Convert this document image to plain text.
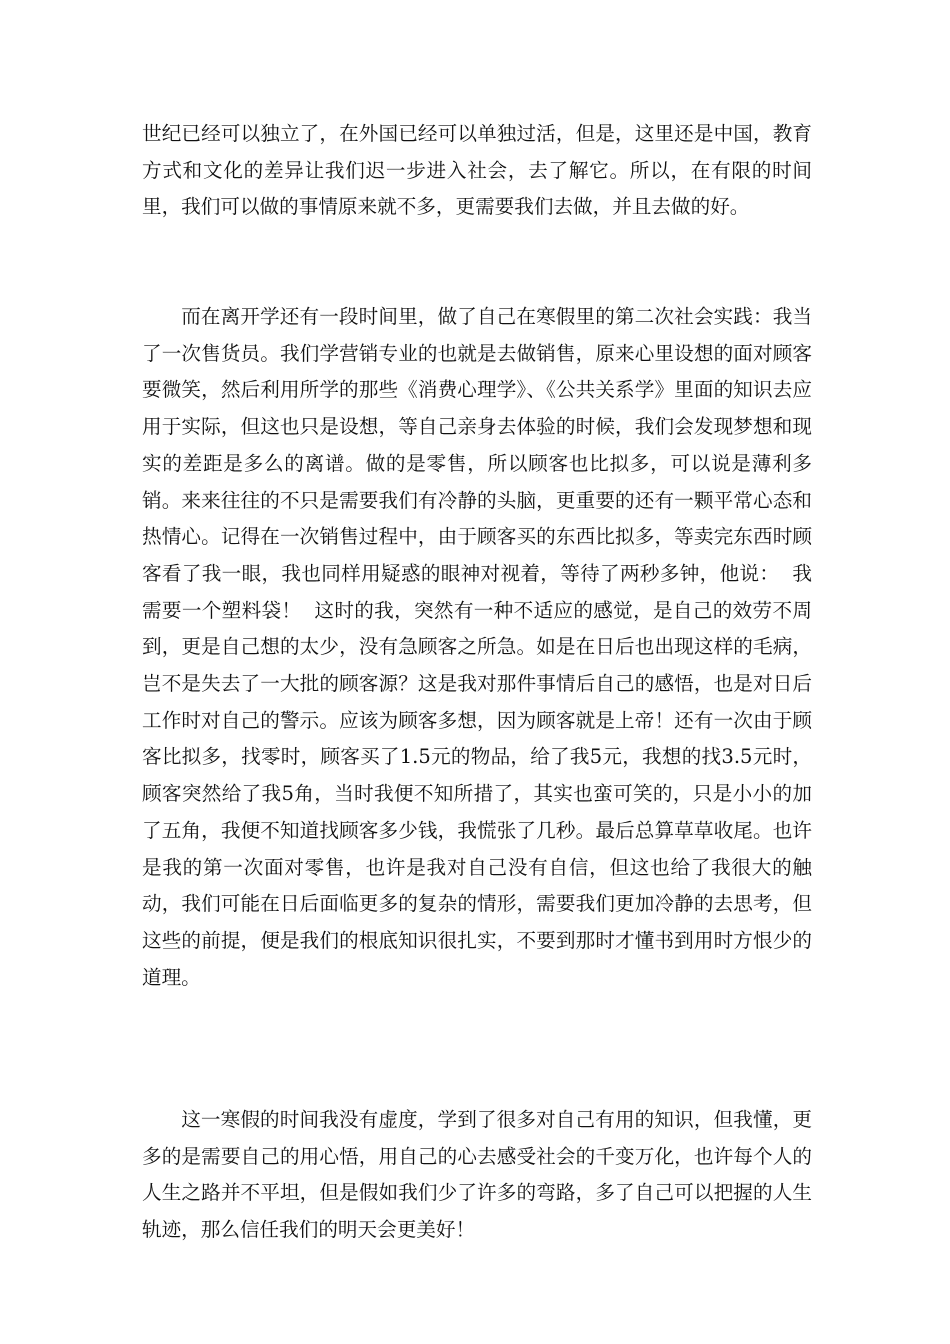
世纪已经可以独立了，在外国已经可以单独过活，但是，这里还是中国，教育方式和文化的差异让我们迟一步进入社会，去了解它。所以，在有限的时间里，我们可以做的事情原来就不多，更需要我们去做，并且去做的好。

而在离开学还有一段时间里，做了自己在寒假里的第二次社会实践：我当了一次售货员。我们学营销专业的也就是去做销售，原来心里设想的面对顾客要微笑，然后利用所学的那些《消费心理学》、《公共关系学》里面的知识去应用于实际，但这也只是设想，等自己亲身去体验的时候，我们会发现梦想和现实的差距是多么的离谱。做的是零售，所以顾客也比拟多，可以说是薄利多销。来来往往的不只是需要我们有冷静的头脑，更重要的还有一颗平常心态和热情心。记得在一次销售过程中，由于顾客买的东西比拟多，等卖完东西时顾客看了我一眼，我也同样用疑惑的眼神对视着，等待了两秒多钟，他说：  我需要一个塑料袋！  这时的我，突然有一种不适应的感觉，是自己的效劳不周到，更是自己想的太少，没有急顾客之所急。如是在日后也出现这样的毛病，岂不是失去了一大批的顾客源？这是我对那件事情后自己的感悟，也是对日后工作时对自己的警示。应该为顾客多想，因为顾客就是上帝！还有一次由于顾客比拟多，找零时，顾客买了1.5元的物品，给了我5元，我想的找3.5元时，顾客突然给了我5角，当时我便不知所措了，其实也蛮可笑的，只是小小的加了五角，我便不知道找顾客多少钱，我慌张了几秒。最后总算草草收尾。也许是我的第一次面对零售，也许是我对自己没有自信，但这也给了我很大的触动，我们可能在日后面临更多的复杂的情形，需要我们更加冷静的去思考，但这些的前提，便是我们的根底知识很扎实，不要到那时才懂书到用时方恨少的道理。

这一寒假的时间我没有虚度，学到了很多对自己有用的知识，但我懂，更多的是需要自己的用心悟，用自己的心去感受社会的千变万化，也许每个人的人生之路并不平坦，但是假如我们少了许多的弯路，多了自己可以把握的人生轨迹，那么信任我们的明天会更美好！
